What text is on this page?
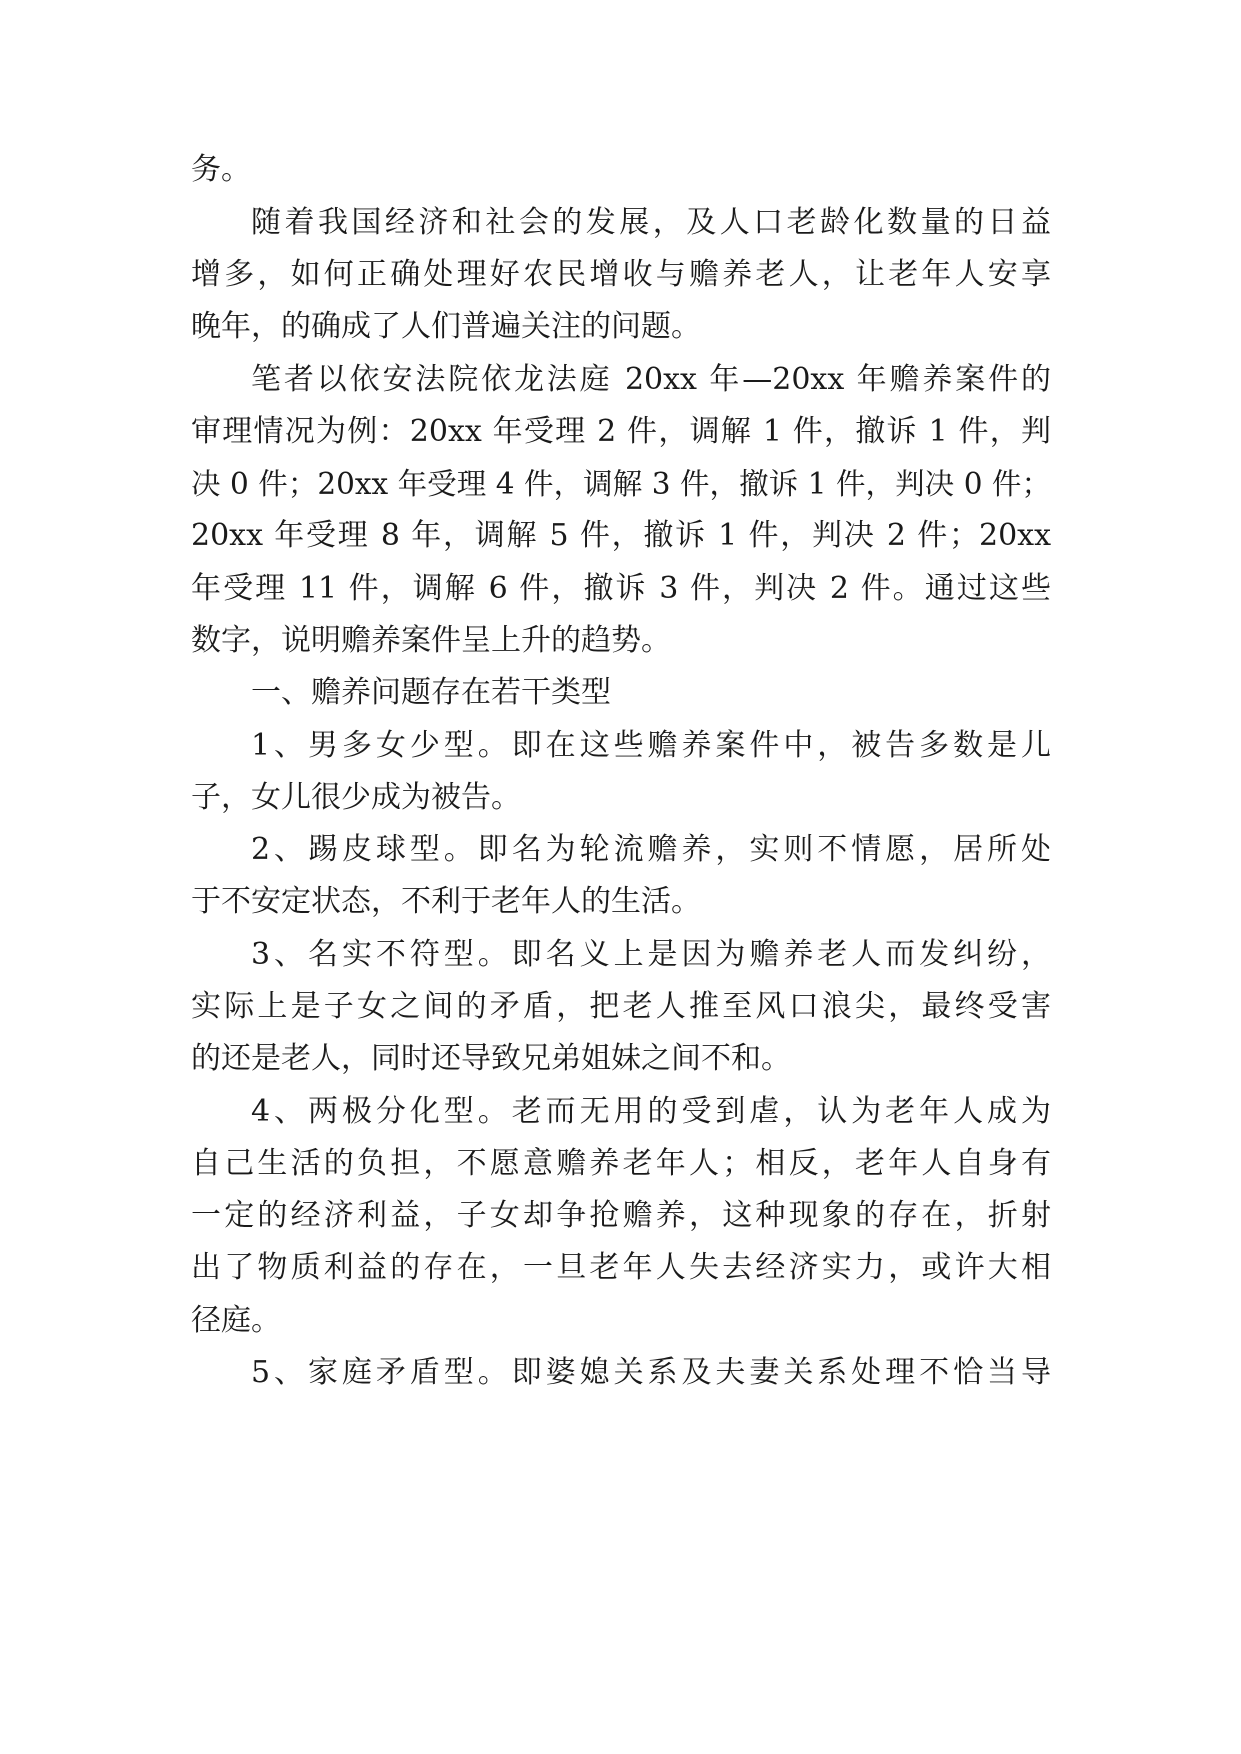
务。
随着我国经济和社会的发展，及人口老龄化数量的日益
增多，如何正确处理好农民增收与赡养老人，让老年人安享
晚年，的确成了人们普遍关注的问题。
笔者以依安法院依龙法庭 20xx 年—20xx 年赡养案件的
审理情况为例：20xx 年受理 2 件，调解 1 件，撤诉 1 件，判
决 0 件；20xx 年受理 4 件，调解 3 件，撤诉 1 件，判决 0 件；
20xx 年受理 8 年，调解 5 件，撤诉 1 件，判决 2 件；20xx
年受理 11 件，调解 6 件，撤诉 3 件，判决 2 件。通过这些
数字，说明赡养案件呈上升的趋势。
一、赡养问题存在若干类型
1、男多女少型。即在这些赡养案件中，被告多数是儿
子，女儿很少成为被告。
2、踢皮球型。即名为轮流赡养，实则不情愿，居所处
于不安定状态，不利于老年人的生活。
3、名实不符型。即名义上是因为赡养老人而发纠纷，
实际上是子女之间的矛盾，把老人推至风口浪尖，最终受害
的还是老人，同时还导致兄弟姐妹之间不和。
4、两极分化型。老而无用的受到虐，认为老年人成为
自己生活的负担，不愿意赡养老年人；相反，老年人自身有
一定的经济利益，子女却争抢赡养，这种现象的存在，折射
出了物质利益的存在，一旦老年人失去经济实力，或许大相
径庭。
5、家庭矛盾型。即婆媳关系及夫妻关系处理不恰当导
